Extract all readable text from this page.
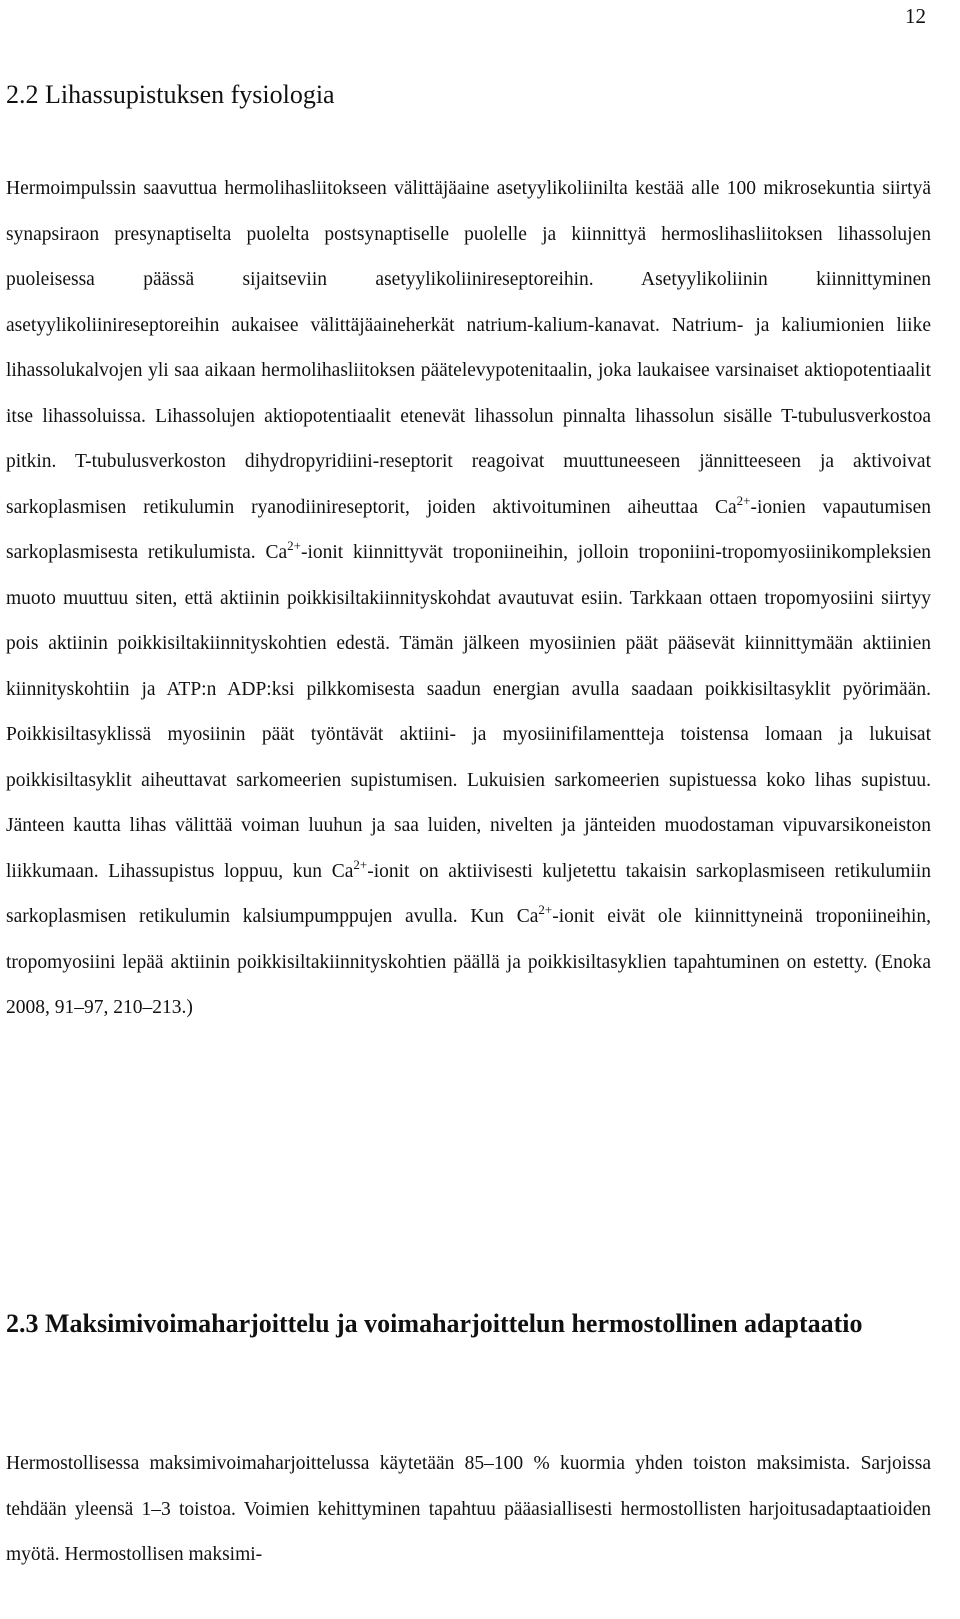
12
2.2 Lihassupistuksen fysiologia

Hermoimpulssin saavuttua hermolihasliitokseen välittäjäaine asetyylikoliinilta kestää alle 100 mikrosekuntia siirtyä synapsiraon presynaptiselta puolelta postsynaptiselle puolelle ja kiinnittyä hermoslihasliitoksen lihassolujen puoleisessa päässä sijaitseviin asetyylikoliinireseptoreihin. Asetyylikoliinin kiinnittyminen asetyylikoliinireseptoreihin aukaisee välittäjäaineherkät natrium-kalium-kanavat. Natrium- ja kaliumionien liike lihassolukalvojen yli saa aikaan hermolihasliitoksen päätelevypotenitaalin, joka laukaisee varsinaiset aktiopotentiaalit itse lihassoluissa. Lihassolujen aktiopotentiaalit etenevät lihassolun pinnalta lihassolun sisälle T-tubulusverkostoa pitkin. T-tubulusverkoston dihydropyridiini-reseptorit reagoivat muuttuneeseen jännitteeseen ja aktivoivat sarkoplasmisen retikulumin ryanodiinireseptorit, joiden aktivoituminen aiheuttaa $Ca^{2+}$-ionien vapautumisen sarkoplasmisesta retikulumista. $Ca^{2+}$-ionit kiinnittyvät troponiineihin, jolloin troponiini-tropomyosiinikompleksien muoto muuttuu siten, että aktiinin poikkisiltakiinnityskohdat avautuvat esiin. Tarkkaan ottaen tropomyosiini siirtyy pois aktiinin poikkisiltakiinnityskohtien edestä. Tämän jälkeen myosiinien päät pääsevät kiinnittymään aktiinien kiinnityskohtiin ja ATP:n ADP:ksi pilkkomisesta saadun energian avulla saadaan poikkisiltasyklit pyörimään. Poikkisiltasyklissä myosiinin päät työntävät aktiini- ja myosiinifilamentteja toistensa lomaan ja lukuisat poikkisiltasyklit aiheuttavat sarkomeerien supistumisen. Lukuisien sarkomeerien supistuessa koko lihas supistuu. Jänteen kautta lihas välittää voiman luuhun ja saa luiden, nivelten ja jänteiden muodostaman vipuvarsikoneiston liikkumaan. Lihassupistus loppuu, kun $Ca^{2+}$-ionit on aktiivisesti kuljetettu takaisin sarkoplasmiseen retikulumiin sarkoplasmisen retikulumin kalsiumpumppujen avulla. Kun $Ca^{2+}$-ionit eivät ole kiinnittyneinä troponiineihin, tropomyosiini lepää aktiinin poikkisiltakiinnityskohtien päällä ja poikkisiltasyklien tapahtuminen on estetty. (Enoka 2008, 91–97, 210–213.)

2.3 Maksimivoimaharjoittelu ja voimaharjoittelun hermostollinen adaptaatio

Hermostollisessa maksimivoimaharjoittelussa käytetään 85–100 % kuormia yhden toiston maksimista. Sarjoissa tehdään yleensä 1–3 toistoa. Voimien kehittyminen tapahtuu pääasiallisesti hermostollisten harjoitusadaptaatioiden myötä. Hermostollisen maksimi-
